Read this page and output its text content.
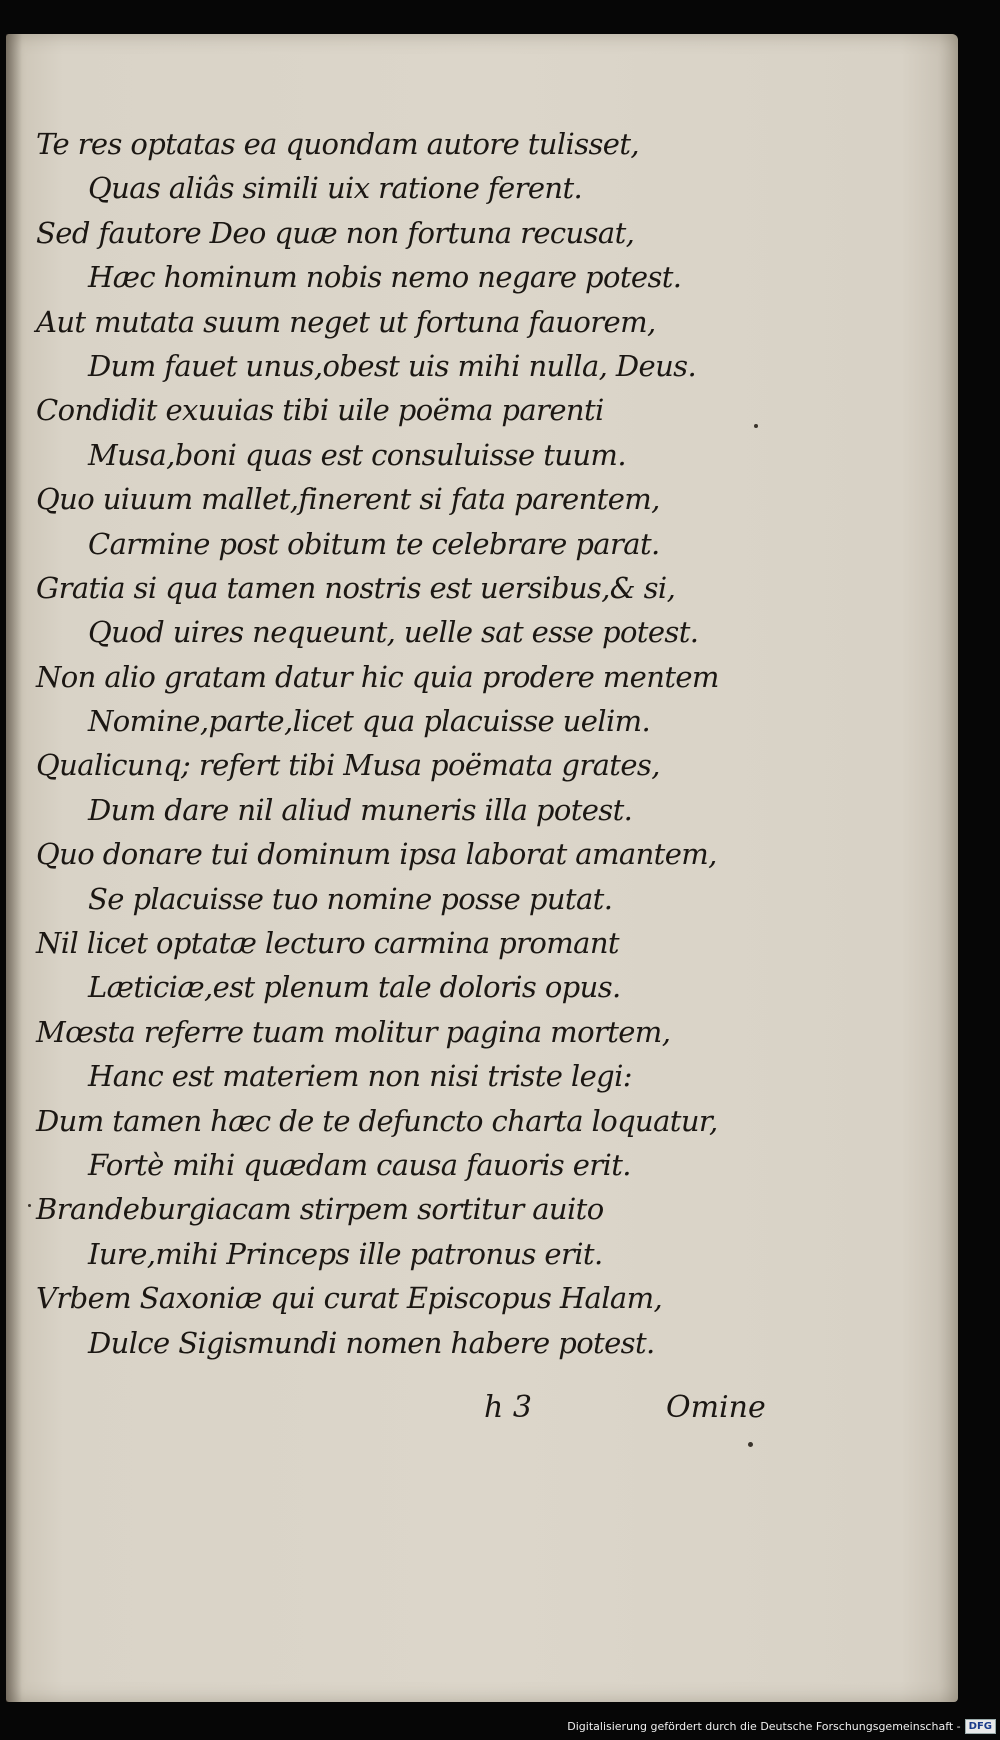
Te res optatas ea quondam autore tulisset,
Quas aliâs simili uix ratione ferent.
Sed fautore Deo quæ non fortuna recusat,
Hæc hominum nobis nemo negare potest.
Aut mutata suum neget ut fortuna fauorem,
Dum fauet unus,obest uis mihi nulla, Deus.
Condidit exuuias tibi uile poëma parenti
Musa,boni quas est consuluisse tuum.
Quo uiuum mallet,finerent si fata parentem,
Carmine post obitum te celebrare parat.
Gratia si qua tamen nostris est uersibus,& si,
Quod uires nequeunt, uelle sat esse potest.
Non alio gratam datur hic quia prodere mentem
Nomine,parte,licet qua placuisse uelim.
Qualicunq; refert tibi Musa poëmata grates,
Dum dare nil aliud muneris illa potest.
Quo donare tui dominum ipsa laborat amantem,
Se placuisse tuo nomine posse putat.
Nil licet optatæ lecturo carmina promant
Læticiæ,est plenum tale doloris opus.
Mœsta referre tuam molitur pagina mortem,
Hanc est materiem non nisi triste legi:
Dum tamen hæc de te defuncto charta loquatur,
Fortè mihi quædam causa fauoris erit.
Brandeburgiacam stirpem sortitur auito
Iure,mihi Princeps ille patronus erit.
Vrbem Saxoniæ qui curat Episcopus Halam,
Dulce Sigismundi nomen habere potest.
h 3	Omine
Digitalisierung gefördert durch die Deutsche Forschungsgemeinschaft - DFG
